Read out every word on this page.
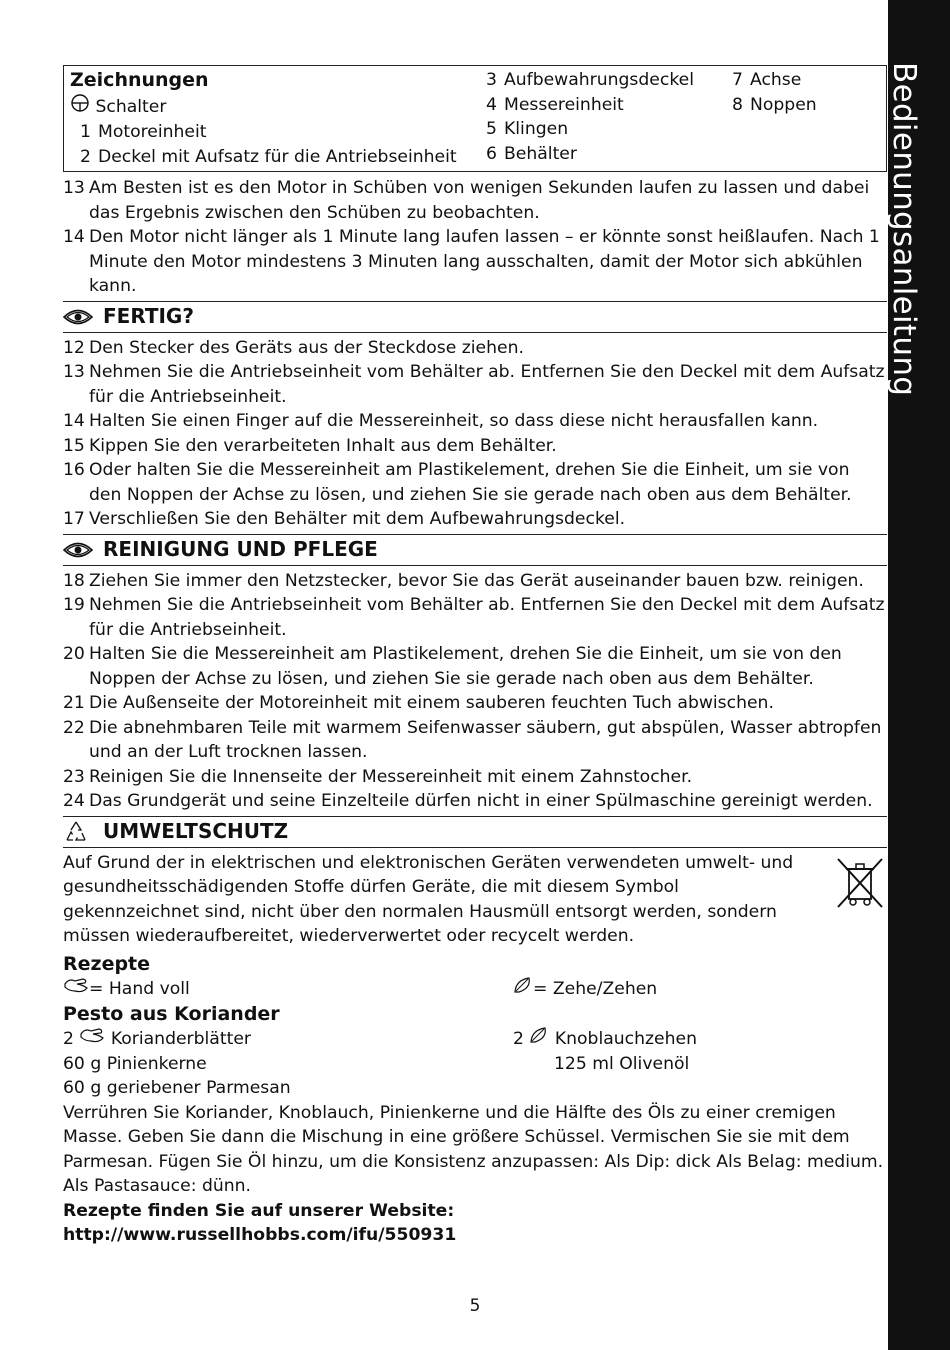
Bedienungsanleitung
Zeichnungen
Schalter
1 Motoreinheit
2 Deckel mit Aufsatz für die Antriebseinheit
3 Aufbewahrungsdeckel
4 Messereinheit
5 Klingen
6 Behälter
7 Achse
8 Noppen
13 Am Besten ist es den Motor in Schüben von wenigen Sekunden laufen zu lassen und dabei das Ergebnis zwischen den Schüben zu beobachten.
14 Den Motor nicht länger als 1 Minute lang laufen lassen – er könnte sonst heißlaufen. Nach 1 Minute den Motor mindestens 3 Minuten lang ausschalten, damit der Motor sich abkühlen kann.
FERTIG?
12 Den Stecker des Geräts aus der Steckdose ziehen.
13 Nehmen Sie die Antriebseinheit vom Behälter ab. Entfernen Sie den Deckel mit dem Aufsatz für die Antriebseinheit.
14 Halten Sie einen Finger auf die Messereinheit, so dass diese nicht herausfallen kann.
15 Kippen Sie den verarbeiteten Inhalt aus dem Behälter.
16 Oder halten Sie die Messereinheit am Plastikelement, drehen Sie die Einheit, um sie von den Noppen der Achse zu lösen, und ziehen Sie sie gerade nach oben aus dem Behälter.
17 Verschließen Sie den Behälter mit dem Aufbewahrungsdeckel.
REINIGUNG UND PFLEGE
18 Ziehen Sie immer den Netzstecker, bevor Sie das Gerät auseinander bauen bzw. reinigen.
19 Nehmen Sie die Antriebseinheit vom Behälter ab. Entfernen Sie den Deckel mit dem Aufsatz für die Antriebseinheit.
20 Halten Sie die Messereinheit am Plastikelement, drehen Sie die Einheit, um sie von den Noppen der Achse zu lösen, und ziehen Sie sie gerade nach oben aus dem Behälter.
21 Die Außenseite der Motoreinheit mit einem sauberen feuchten Tuch abwischen.
22 Die abnehmbaren Teile mit warmem Seifenwasser säubern, gut abspülen, Wasser abtropfen und an der Luft trocknen lassen.
23 Reinigen Sie die Innenseite der Messereinheit mit einem Zahnstocher.
24 Das Grundgerät und seine Einzelteile dürfen nicht in einer Spülmaschine gereinigt werden.
UMWELTSCHUTZ
Auf Grund der in elektrischen und elektronischen Geräten verwendeten umwelt- und gesundheitsschädigenden Stoffe dürfen Geräte, die mit diesem Symbol gekennzeichnet sind, nicht über den normalen Hausmüll entsorgt werden, sondern müssen wiederaufbereitet, wiederverwertet oder recycelt werden.
Rezepte
= Hand voll	= Zehe/Zehen
Pesto aus Koriander
2 Korianderblätter
60 g Pinienkerne
60 g geriebener Parmesan
2 Knoblauchzehen
125 ml Olivenöl
Verrühren Sie Koriander, Knoblauch, Pinienkerne und die Hälfte des Öls zu einer cremigen Masse. Geben Sie dann die Mischung in eine größere Schüssel. Vermischen Sie sie mit dem Parmesan. Fügen Sie Öl hinzu, um die Konsistenz anzupassen: Als Dip: dick Als Belag: medium. Als Pastasauce: dünn.
Rezepte finden Sie auf unserer Website:
http://www.russellhobbs.com/ifu/550931
5
